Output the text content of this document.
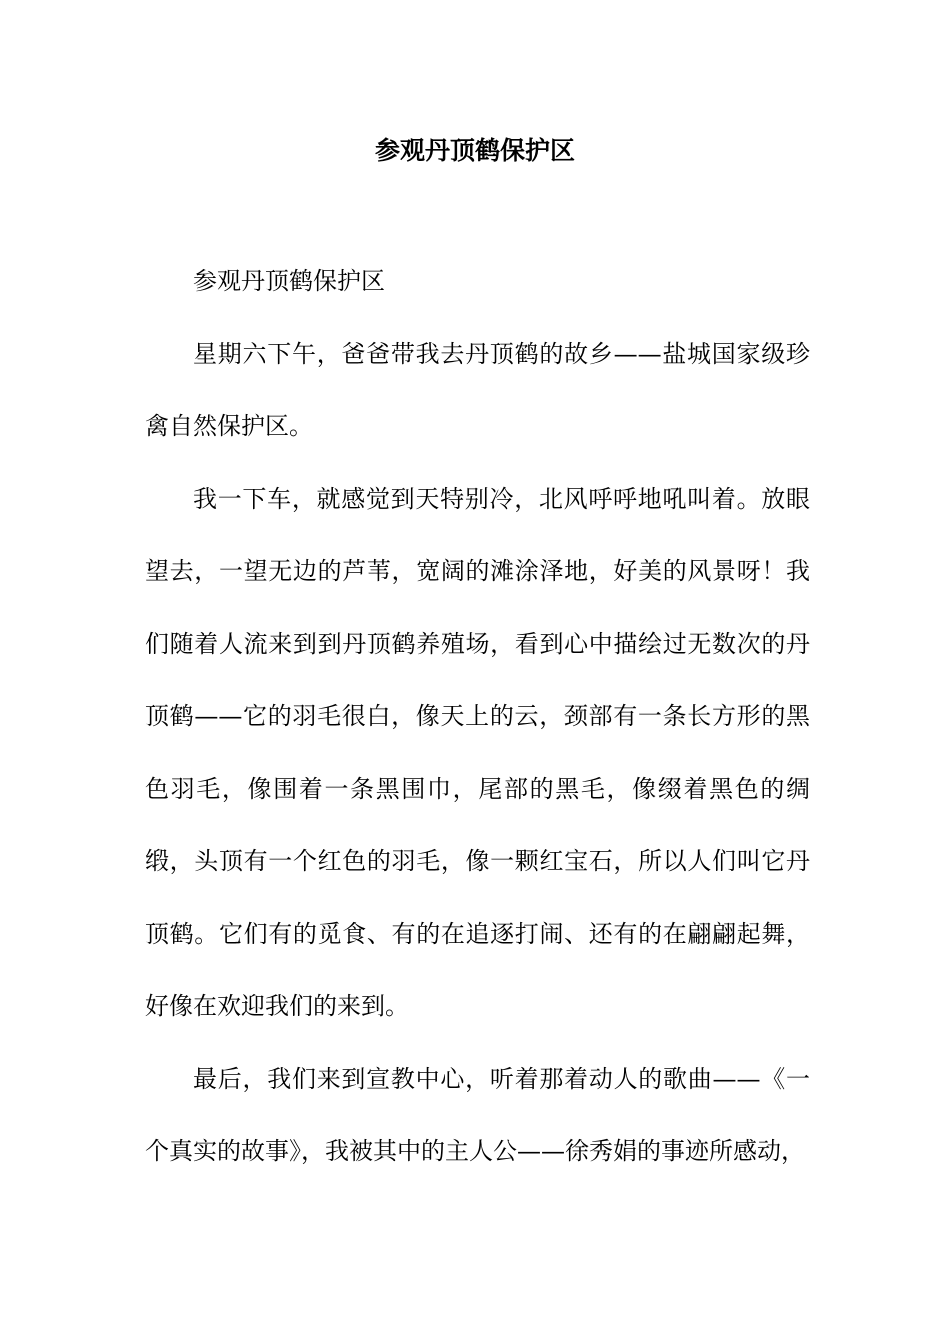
参观丹顶鹤保护区

参观丹顶鹤保护区

星期六下午，爸爸带我去丹顶鹤的故乡——盐城国家级珍禽自然保护区。

我一下车，就感觉到天特别冷，北风呼呼地吼叫着。放眼望去，一望无边的芦苇，宽阔的滩涂泽地，好美的风景呀！我们随着人流来到到丹顶鹤养殖场，看到心中描绘过无数次的丹顶鹤——它的羽毛很白，像天上的云，颈部有一条长方形的黑色羽毛，像围着一条黑围巾，尾部的黑毛，像缀着黑色的绸缎，头顶有一个红色的羽毛，像一颗红宝石，所以人们叫它丹顶鹤。它们有的觅食、有的在追逐打闹、还有的在翩翩起舞，好像在欢迎我们的来到。

最后，我们来到宣教中心，听着那着动人的歌曲——《一个真实的故事》，我被其中的主人公——徐秀娟的事迹所感动，
